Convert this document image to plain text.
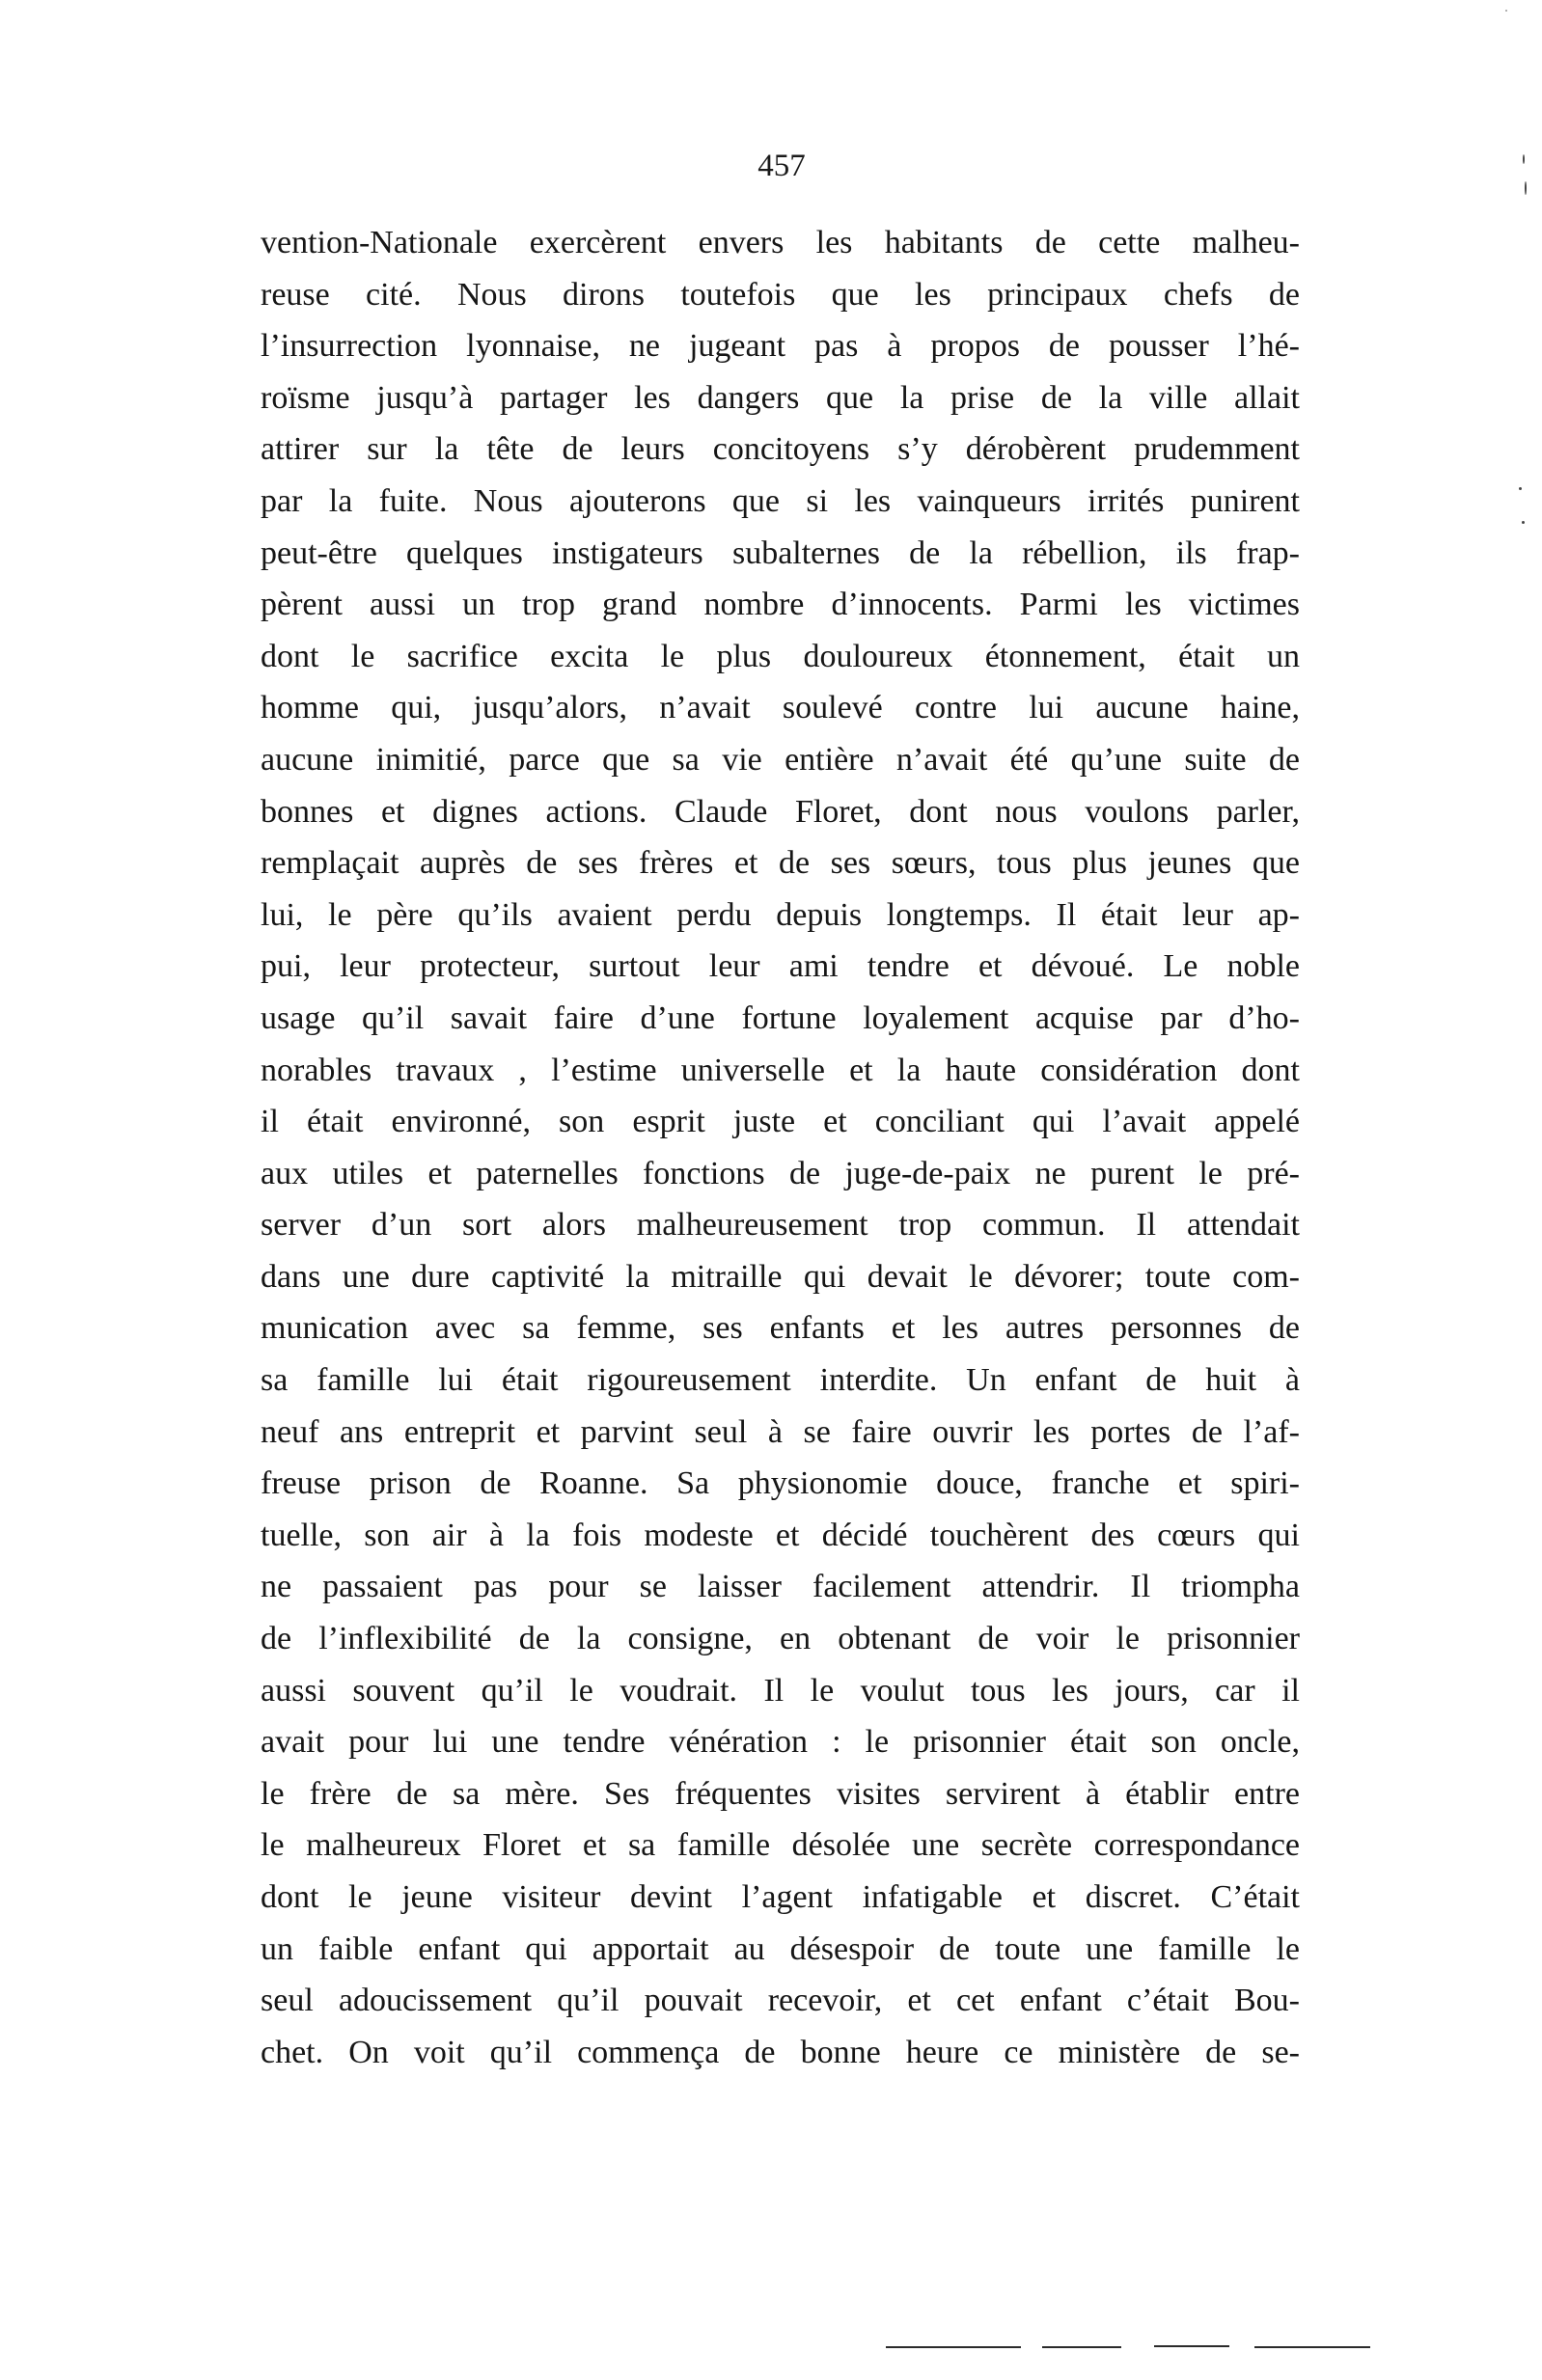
457
vention-Nationale exercèrent envers les habitants de cette malheu-
reuse cité. Nous dirons toutefois que les principaux chefs de
l’insurrection lyonnaise, ne jugeant pas à propos de pousser l’hé-
roïsme jusqu’à partager les dangers que la prise de la ville allait
attirer sur la tête de leurs concitoyens s’y dérobèrent prudemment
par la fuite. Nous ajouterons que si les vainqueurs irrités punirent
peut-être quelques instigateurs subalternes de la rébellion, ils frap-
pèrent aussi un trop grand nombre d’innocents. Parmi les victimes
dont le sacrifice excita le plus douloureux étonnement, était un
homme qui, jusqu’alors, n’avait soulevé contre lui aucune haine,
aucune inimitié, parce que sa vie entière n’avait été qu’une suite de
bonnes et dignes actions. Claude Floret, dont nous voulons parler,
remplaçait auprès de ses frères et de ses sœurs, tous plus jeunes que
lui, le père qu’ils avaient perdu depuis longtemps. Il était leur ap-
pui, leur protecteur, surtout leur ami tendre et dévoué. Le noble
usage qu’il savait faire d’une fortune loyalement acquise par d’ho-
norables travaux , l’estime universelle et la haute considération dont
il était environné, son esprit juste et conciliant qui l’avait appelé
aux utiles et paternelles fonctions de juge-de-paix ne purent le pré-
server d’un sort alors malheureusement trop commun. Il attendait
dans une dure captivité la mitraille qui devait le dévorer; toute com-
munication avec sa femme, ses enfants et les autres personnes de
sa famille lui était rigoureusement interdite. Un enfant de huit à
neuf ans entreprit et parvint seul à se faire ouvrir les portes de l’af-
freuse prison de Roanne. Sa physionomie douce, franche et spiri-
tuelle, son air à la fois modeste et décidé touchèrent des cœurs qui
ne passaient pas pour se laisser facilement attendrir. Il triompha
de l’inflexibilité de la consigne, en obtenant de voir le prisonnier
aussi souvent qu’il le voudrait. Il le voulut tous les jours, car il
avait pour lui une tendre vénération : le prisonnier était son oncle,
le frère de sa mère. Ses fréquentes visites servirent à établir entre
le malheureux Floret et sa famille désolée une secrète correspondance
dont le jeune visiteur devint l’agent infatigable et discret. C’était
un faible enfant qui apportait au désespoir de toute une famille le
seul adoucissement qu’il pouvait recevoir, et cet enfant c’était Bou-
chet. On voit qu’il commença de bonne heure ce ministère de se-
